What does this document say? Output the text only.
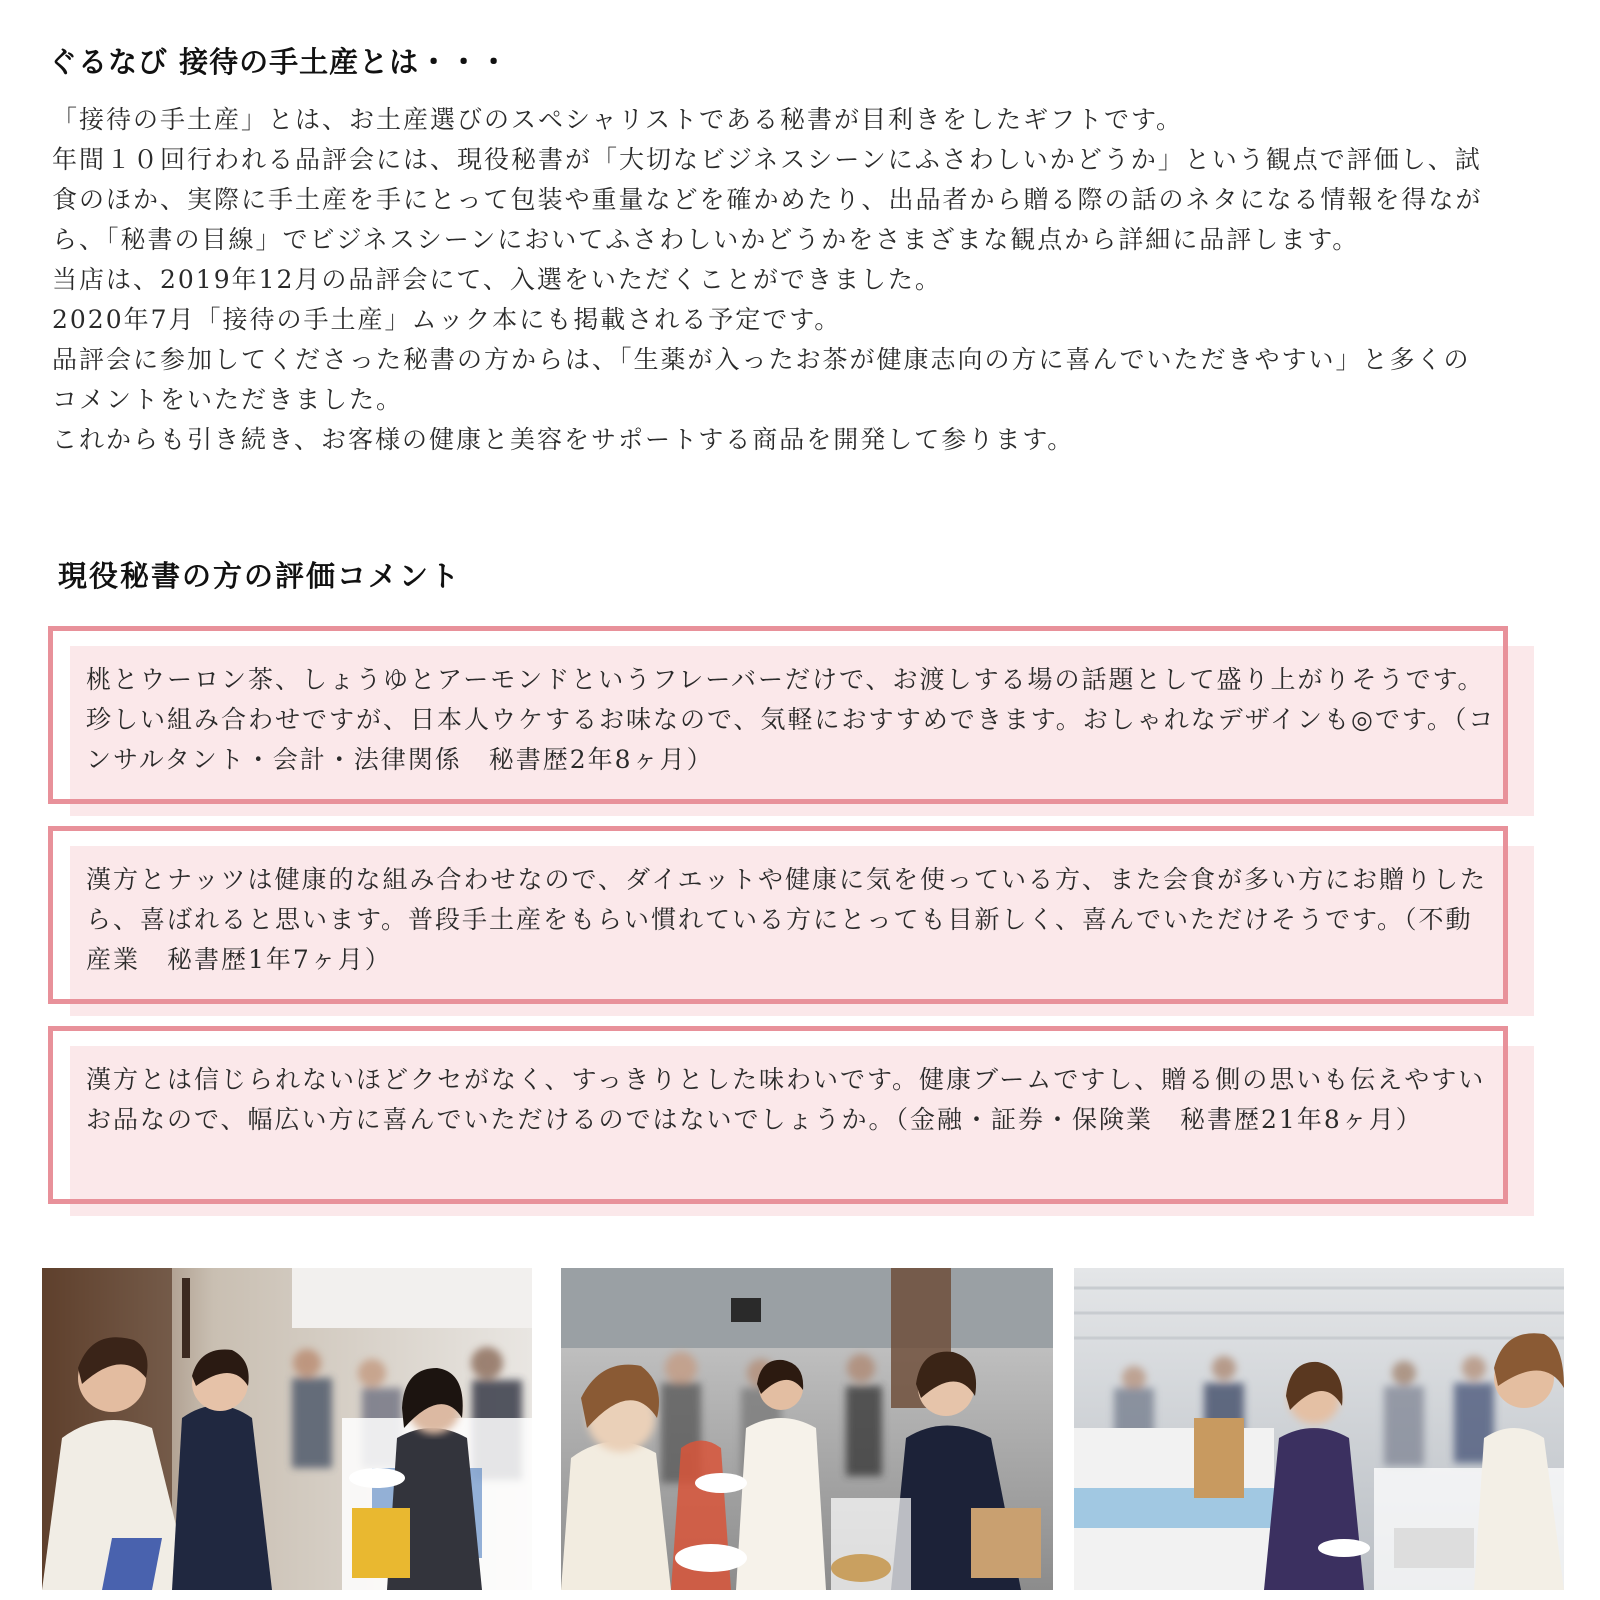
ぐるなび 接待の手土産とは・・・

「接待の手土産」とは、お土産選びのスペシャリストである秘書が目利きをしたギフトです。

年間１０回行われる品評会には、現役秘書が「大切なビジネスシーンにふさわしいかどうか」という観点で評価し、試食のほか、実際に手土産を手にとって包装や重量などを確かめたり、出品者から贈る際の話のネタになる情報を得ながら、「秘書の目線」でビジネスシーンにおいてふさわしいかどうかをさまざまな観点から詳細に品評します。

当店は、2019年12月の品評会にて、入選をいただくことができました。

2020年7月「接待の手土産」ムック本にも掲載される予定です。

品評会に参加してくださった秘書の方からは、「生薬が入ったお茶が健康志向の方に喜んでいただきやすい」と多くのコメントをいただきました。

これからも引き続き、お客様の健康と美容をサポートする商品を開発して参ります。

現役秘書の方の評価コメント

桃とウーロン茶、しょうゆとアーモンドというフレーバーだけで、お渡しする場の話題として盛り上がりそうです。珍しい組み合わせですが、日本人ウケするお味なので、気軽におすすめできます。おしゃれなデザインも◎です。（コンサルタント・会計・法律関係　秘書歴2年8ヶ月）

漢方とナッツは健康的な組み合わせなので、ダイエットや健康に気を使っている方、また会食が多い方にお贈りしたら、喜ばれると思います。普段手土産をもらい慣れている方にとっても目新しく、喜んでいただけそうです。（不動産業　秘書歴1年7ヶ月）

漢方とは信じられないほどクセがなく、すっきりとした味わいです。健康ブームですし、贈る側の思いも伝えやすいお品なので、幅広い方に喜んでいただけるのではないでしょうか。（金融・証券・保険業　秘書歴21年8ヶ月）
